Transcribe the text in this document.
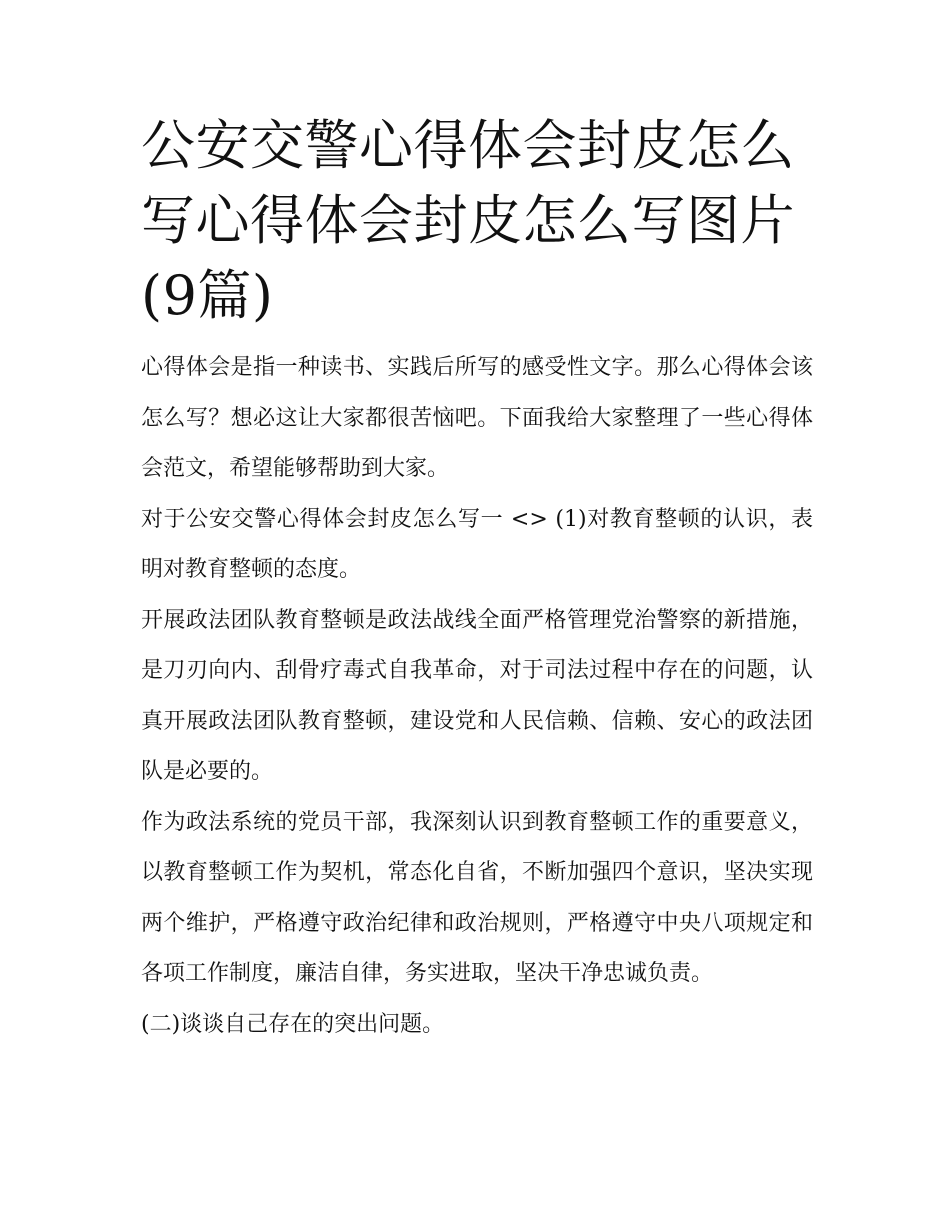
公安交警心得体会封皮怎么写心得体会封皮怎么写图片(9篇)

心得体会是指一种读书、实践后所写的感受性文字。那么心得体会该怎么写？想必这让大家都很苦恼吧。下面我给大家整理了一些心得体会范文，希望能够帮助到大家。

对于公安交警心得体会封皮怎么写一 <> (1)对教育整顿的认识，表明对教育整顿的态度。

开展政法团队教育整顿是政法战线全面严格管理党治警察的新措施，是刀刃向内、刮骨疗毒式自我革命，对于司法过程中存在的问题，认真开展政法团队教育整顿，建设党和人民信赖、信赖、安心的政法团队是必要的。

作为政法系统的党员干部，我深刻认识到教育整顿工作的重要意义，以教育整顿工作为契机，常态化自省，不断加强四个意识，坚决实现两个维护，严格遵守政治纪律和政治规则，严格遵守中央八项规定和各项工作制度，廉洁自律，务实进取，坚决干净忠诚负责。

(二)谈谈自己存在的突出问题。
